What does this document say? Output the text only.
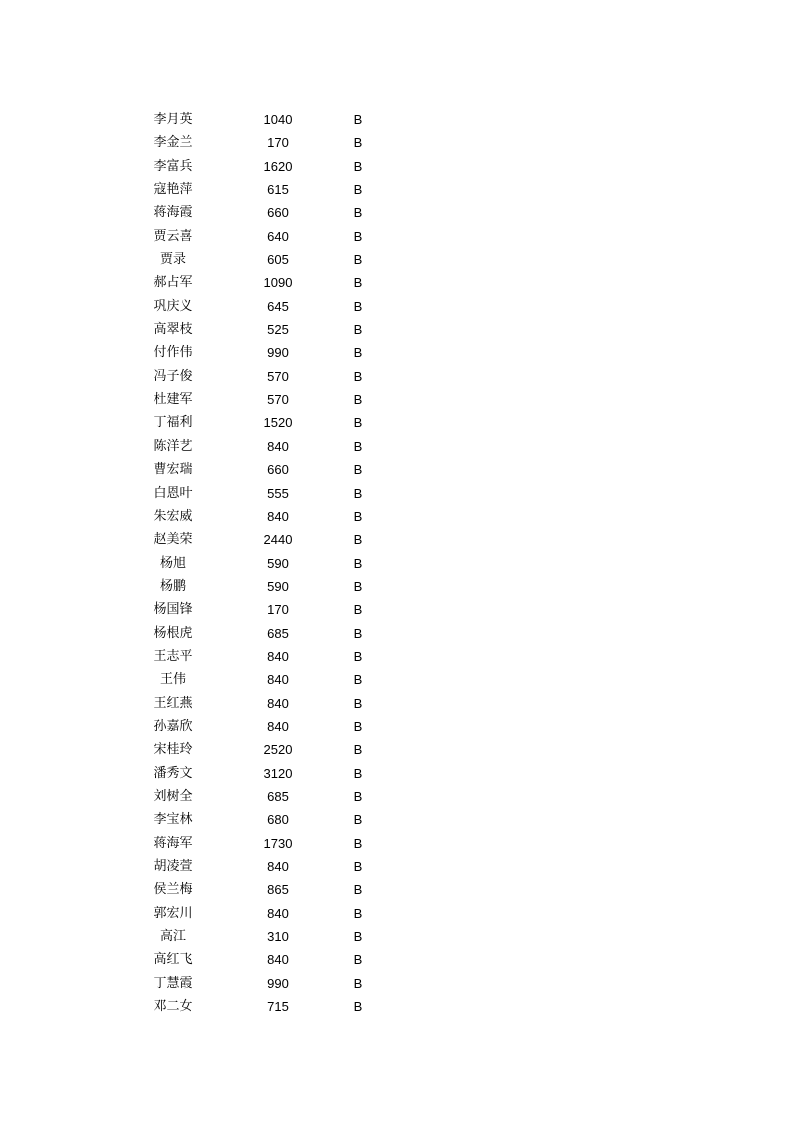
李月英	1040	B
李金兰	170	B
李富兵	1620	B
寇艳萍	615	B
蒋海霞	660	B
贾云喜	640	B
贾录	605	B
郝占军	1090	B
巩庆义	645	B
高翠枝	525	B
付作伟	990	B
冯子俊	570	B
杜建军	570	B
丁福利	1520	B
陈洋艺	840	B
曹宏瑞	660	B
白恩叶	555	B
朱宏威	840	B
赵美荣	2440	B
杨旭	590	B
杨鹏	590	B
杨国锋	170	B
杨根虎	685	B
王志平	840	B
王伟	840	B
王红燕	840	B
孙嘉欣	840	B
宋桂玲	2520	B
潘秀文	3120	B
刘树全	685	B
李宝林	680	B
蒋海军	1730	B
胡凌萱	840	B
侯兰梅	865	B
郭宏川	840	B
高江	310	B
高红飞	840	B
丁慧霞	990	B
邓二女	715	B
